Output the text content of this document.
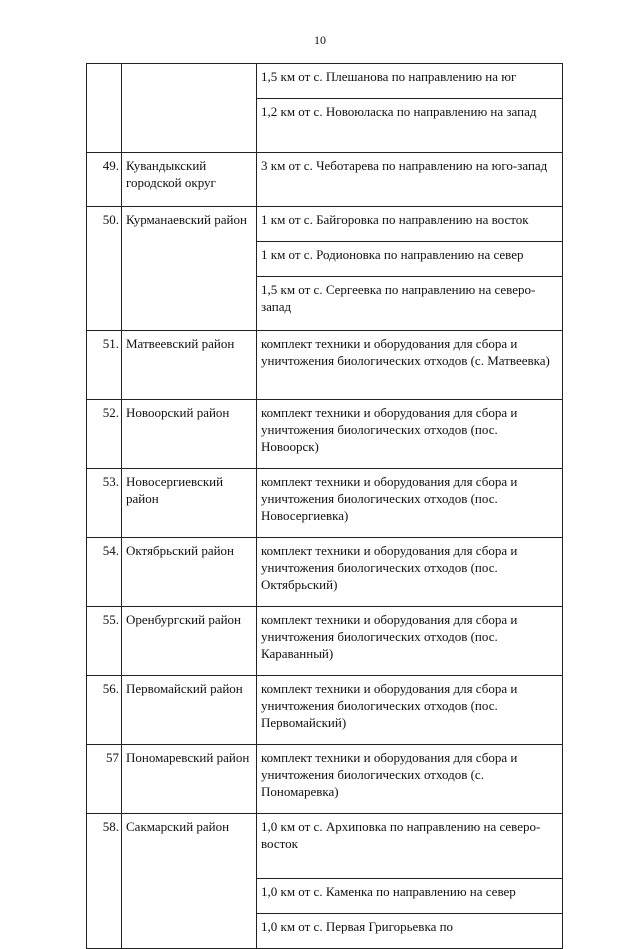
10
		1,5 км от с. Плешанова по направлению на юг
		1,2 км от с. Новоюласка по направлению на запад
49.	Кувандыкский городской округ	3 км от с. Чеботарева по направлению на юго-запад
50.	Курманаевский район	1 км от с. Байгоровка по направлению на восток
		1 км от с. Родионовка по направлению на север
		1,5 км от с. Сергеевка по направлению на северо-запад
51.	Матвеевский район	комплект техники и оборудования для сбора и уничтожения биологических отходов (с. Матвеевка)
52.	Новоорский район	комплект техники и оборудования для сбора и уничтожения биологических отходов (пос. Новоорск)
53.	Новосергиевский район	комплект техники и оборудования для сбора и уничтожения биологических отходов (пос. Новосергиевка)
54.	Октябрьский район	комплект техники и оборудования для сбора и уничтожения биологических отходов (пос. Октябрьский)
55.	Оренбургский район	комплект техники и оборудования для сбора и уничтожения биологических отходов (пос. Караванный)
56.	Первомайский район	комплект техники и оборудования для сбора и уничтожения биологических отходов (пос. Первомайский)
57	Пономаревский район	комплект техники и оборудования для сбора и уничтожения биологических отходов (с. Пономаревка)
58.	Сакмарский район	1,0 км от с. Архиповка по направлению на северо-восток
		1,0 км от с. Каменка по направлению на север
		1,0 км от с. Первая Григорьевка по
